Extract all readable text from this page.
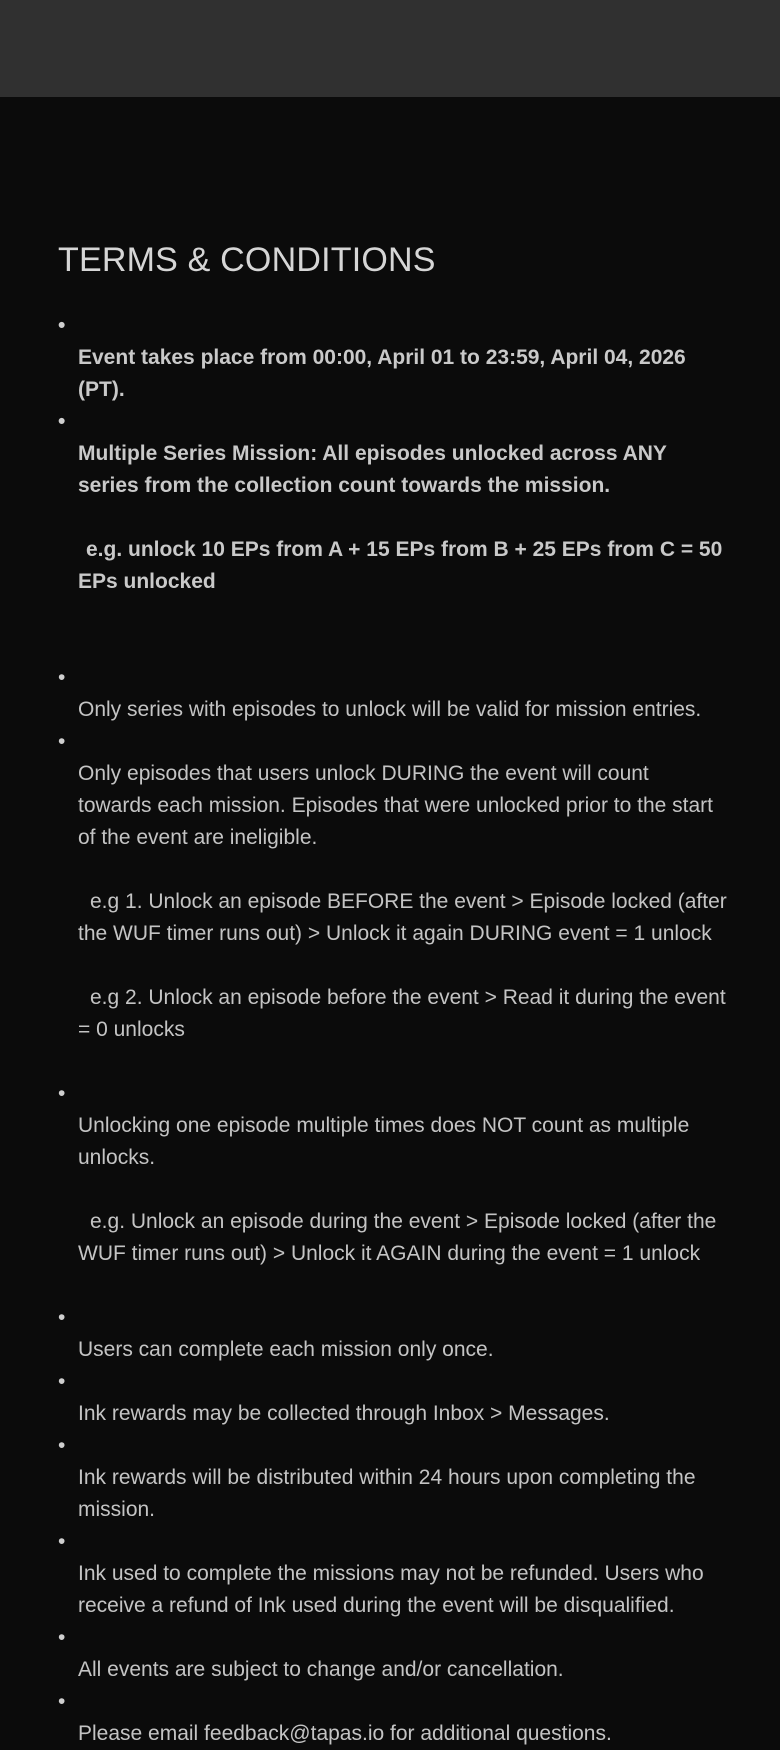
TERMS & CONDITIONS

• Event takes place from 00:00, April 01 to 23:59, April 04, 2026 (PT).

• Multiple Series Mission: All episodes unlocked across ANY series from the collection count towards the mission.

e.g. unlock 10 EPs from A + 15 EPs from B + 25 EPs from C = 50 EPs unlocked

• Only series with episodes to unlock will be valid for mission entries.

• Only episodes that users unlock DURING the event will count towards each mission. Episodes that were unlocked prior to the start of the event are ineligible.

e.g 1. Unlock an episode BEFORE the event > Episode locked (after the WUF timer runs out) > Unlock it again DURING event = 1 unlock

e.g 2. Unlock an episode before the event > Read it during the event = 0 unlocks

• Unlocking one episode multiple times does NOT count as multiple unlocks.

e.g. Unlock an episode during the event > Episode locked (after the WUF timer runs out) > Unlock it AGAIN during the event = 1 unlock

• Users can complete each mission only once.

• Ink rewards may be collected through Inbox > Messages.

• Ink rewards will be distributed within 24 hours upon completing the mission.

• Ink used to complete the missions may not be refunded. Users who receive a refund of Ink used during the event will be disqualified.

• All events are subject to change and/or cancellation.

• Please email feedback@tapas.io for additional questions.
